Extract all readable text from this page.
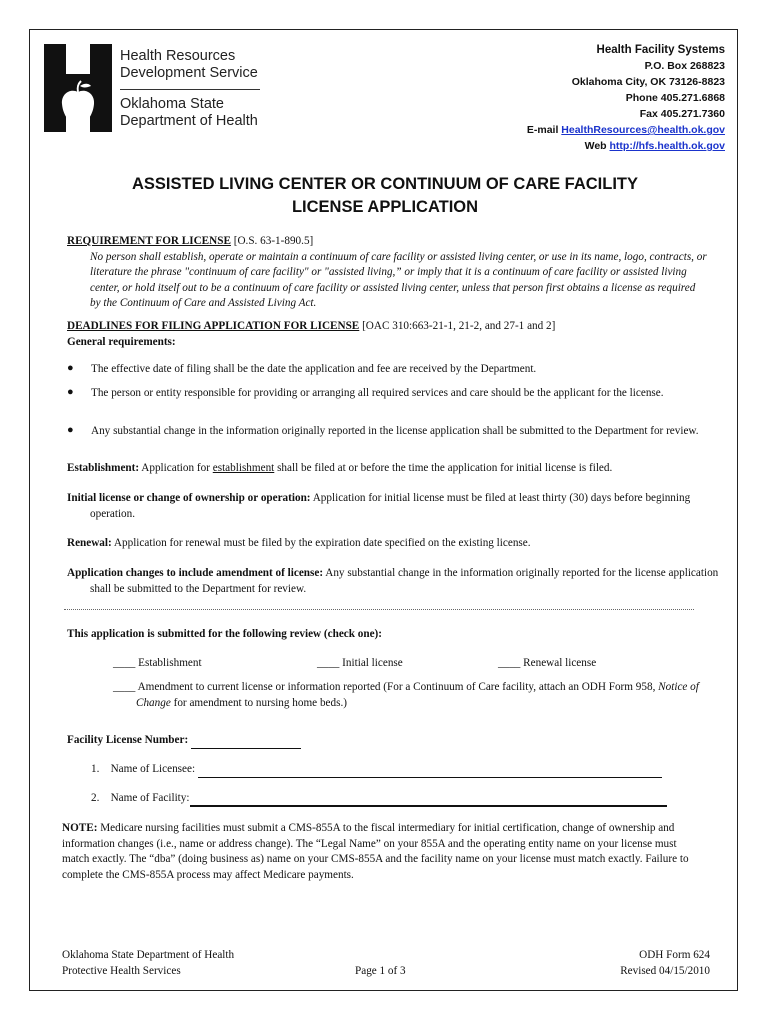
Health Resources
Development Service
Oklahoma State
Department of Health
Health Facility Systems
P.O. Box 268823
Oklahoma City, OK 73126-8823
Phone 405.271.6868
Fax 405.271.7360
E-mail HealthResources@health.ok.gov
Web http://hfs.health.ok.gov
ASSISTED LIVING CENTER OR CONTINUUM OF CARE FACILITY
LICENSE APPLICATION
REQUIREMENT FOR LICENSE [O.S. 63-1-890.5]
No person shall establish, operate or maintain a continuum of care facility or assisted living center, or use in its name, logo, contracts, or literature the phrase "continuum of care facility" or "assisted living,” or imply that it is a continuum of care facility or assisted living center, or hold itself out to be a continuum of care facility or assisted living center, unless that person first obtains a license as required by the Continuum of Care and Assisted Living Act.
DEADLINES FOR FILING APPLICATION FOR LICENSE [OAC 310:663-21-1, 21-2, and 27-1 and 2]
General requirements:
● The effective date of filing shall be the date the application and fee are received by the Department.
● The person or entity responsible for providing or arranging all required services and care should be the applicant for the license.
● Any substantial change in the information originally reported in the license application shall be submitted to the Department for review.
Establishment: Application for establishment shall be filed at or before the time the application for initial license is filed.
Initial license or change of ownership or operation: Application for initial license must be filed at least thirty (30) days before beginning operation.
Renewal: Application for renewal must be filed by the expiration date specified on the existing license.
Application changes to include amendment of license: Any substantial change in the information originally reported for the license application shall be submitted to the Department for review.
This application is submitted for the following review (check one):
____ Establishment	____ Initial license	____ Renewal license
____ Amendment to current license or information reported (For a Continuum of Care facility, attach an ODH Form 958, Notice of Change for amendment to nursing home beds.)
Facility License Number:
1. Name of Licensee:
2. Name of Facility:
NOTE: Medicare nursing facilities must submit a CMS-855A to the fiscal intermediary for initial certification, change of ownership and information changes (i.e., name or address change). The “Legal Name” on your 855A and the operating entity name on your license must match exactly. The “dba” (doing business as) name on your CMS-855A and the facility name on your license must match exactly. Failure to complete the CMS-855A process may affect Medicare payments.
Oklahoma State Department of Health
Protective Health Services	Page 1 of 3
ODH Form 624
Revised 04/15/2010
